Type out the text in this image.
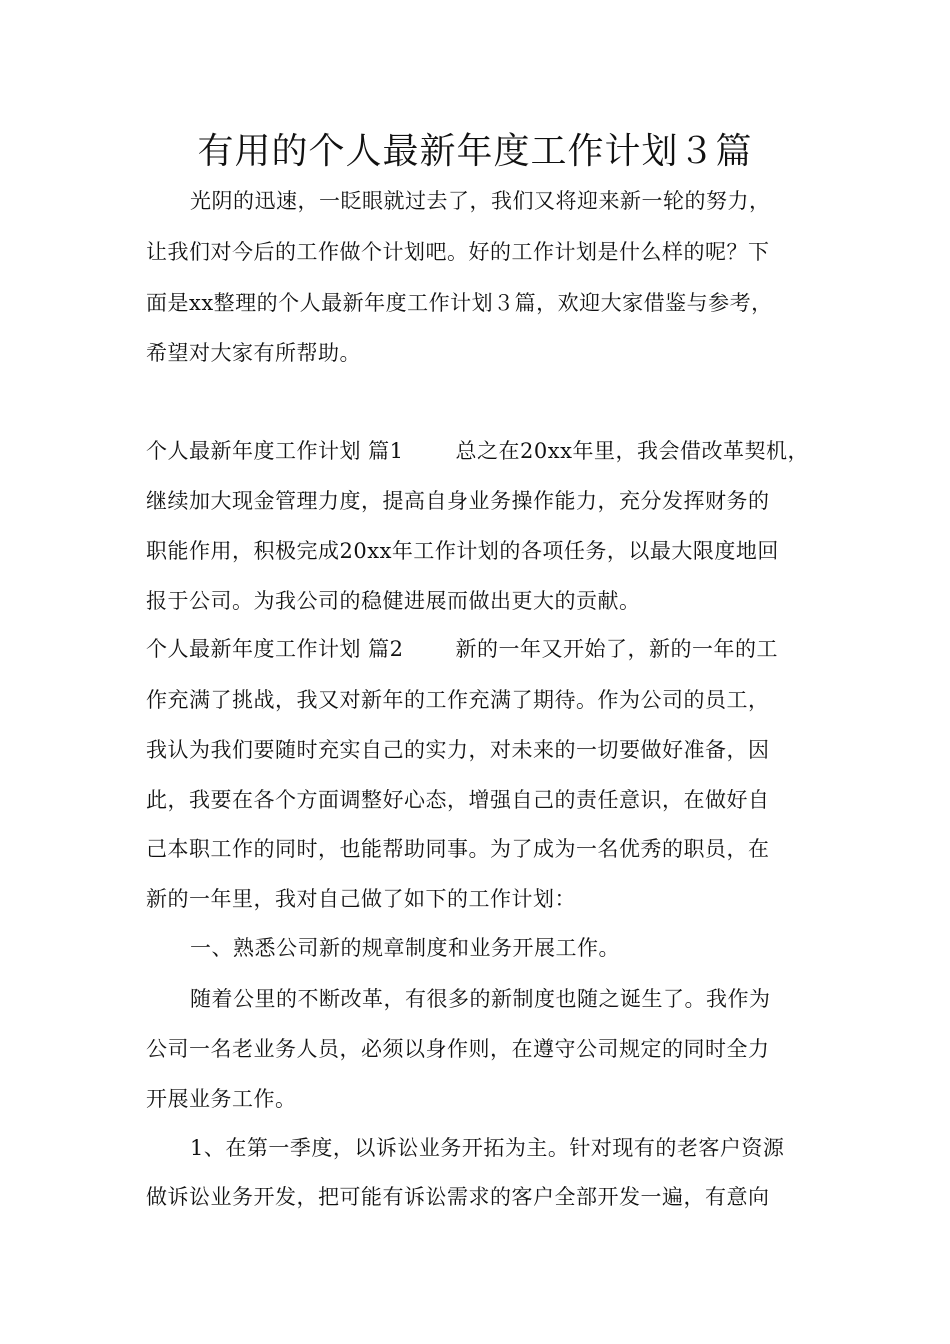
有用的个人最新年度工作计划３篇
光阴的迅速，一眨眼就过去了，我们又将迎来新一轮的努力，
让我们对今后的工作做个计划吧。好的工作计划是什么样的呢？下
面是xx整理的个人最新年度工作计划３篇，欢迎大家借鉴与参考，
希望对大家有所帮助。
个人最新年度工作计划 篇1 总之在20xx年里，我会借改革契机，
继续加大现金管理力度，提高自身业务操作能力，充分发挥财务的
职能作用，积极完成20xx年工作计划的各项任务，以最大限度地回
报于公司。为我公司的稳健进展而做出更大的贡献。
个人最新年度工作计划 篇2 新的一年又开始了，新的一年的工
作充满了挑战，我又对新年的工作充满了期待。作为公司的员工，
我认为我们要随时充实自己的实力，对未来的一切要做好准备，因
此，我要在各个方面调整好心态，增强自己的责任意识，在做好自
己本职工作的同时，也能帮助同事。为了成为一名优秀的职员，在
新的一年里，我对自己做了如下的工作计划：
一、熟悉公司新的规章制度和业务开展工作。
随着公里的不断改革，有很多的新制度也随之诞生了。我作为
公司一名老业务人员，必须以身作则，在遵守公司规定的同时全力
开展业务工作。
1、在第一季度，以诉讼业务开拓为主。针对现有的老客户资源
做诉讼业务开发，把可能有诉讼需求的客户全部开发一遍，有意向
